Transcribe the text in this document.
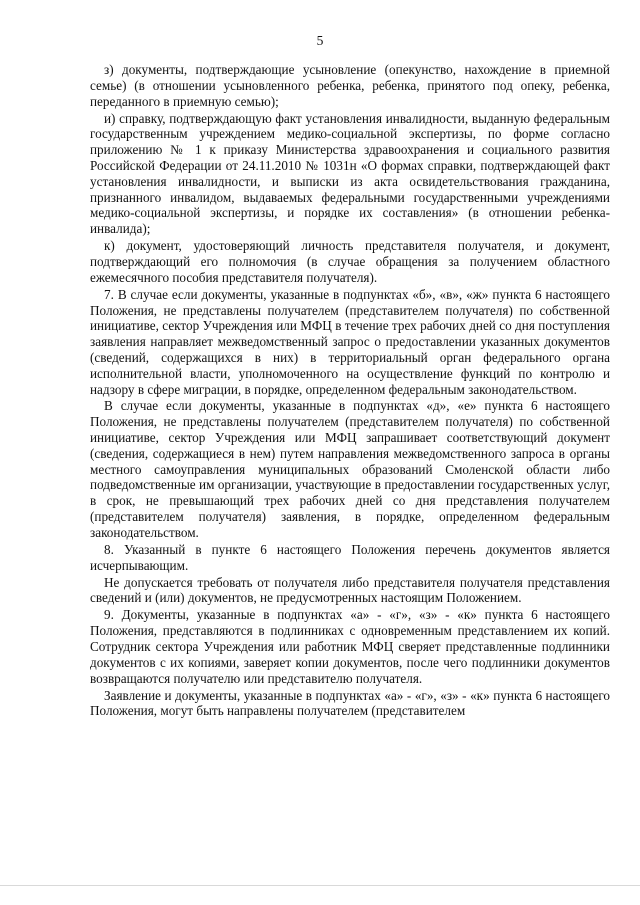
5

з) документы, подтверждающие усыновление (опекунство, нахождение в приемной семье) (в отношении усыновленного ребенка, ребенка, принятого под опеку, ребенка, переданного в приемную семью);

и) справку, подтверждающую факт установления инвалидности, выданную федеральным государственным учреждением медико-социальной экспертизы, по форме согласно приложению № 1 к приказу Министерства здравоохранения и социального развития Российской Федерации от 24.11.2010 № 1031н «О формах справки, подтверждающей факт установления инвалидности, и выписки из акта освидетельствования гражданина, признанного инвалидом, выдаваемых федеральными государственными учреждениями медико-социальной экспертизы, и порядке их составления» (в отношении ребенка-инвалида);

к) документ, удостоверяющий личность представителя получателя, и документ, подтверждающий его полномочия (в случае обращения за получением областного ежемесячного пособия представителя получателя).

7. В случае если документы, указанные в подпунктах «б», «в», «ж» пункта 6 настоящего Положения, не представлены получателем (представителем получателя) по собственной инициативе, сектор Учреждения или МФЦ в течение трех рабочих дней со дня поступления заявления направляет межведомственный запрос о предоставлении указанных документов (сведений, содержащихся в них) в территориальный орган федерального органа исполнительной власти, уполномоченного на осуществление функций по контролю и надзору в сфере миграции, в порядке, определенном федеральным законодательством.

В случае если документы, указанные в подпунктах «д», «е» пункта 6 настоящего Положения, не представлены получателем (представителем получателя) по собственной инициативе, сектор Учреждения или МФЦ запрашивает соответствующий документ (сведения, содержащиеся в нем) путем направления межведомственного запроса в органы местного самоуправления муниципальных образований Смоленской области либо подведомственные им организации, участвующие в предоставлении государственных услуг, в срок, не превышающий трех рабочих дней со дня представления получателем (представителем получателя) заявления, в порядке, определенном федеральным законодательством.

8. Указанный в пункте 6 настоящего Положения перечень документов является исчерпывающим.

Не допускается требовать от получателя либо представителя получателя представления сведений и (или) документов, не предусмотренных настоящим Положением.

9. Документы, указанные в подпунктах «а» - «г», «з» - «к» пункта 6 настоящего Положения, представляются в подлинниках с одновременным представлением их копий. Сотрудник сектора Учреждения или работник МФЦ сверяет представленные подлинники документов с их копиями, заверяет копии документов, после чего подлинники документов возвращаются получателю или представителю получателя.

Заявление и документы, указанные в подпунктах «а» - «г», «з» - «к» пункта 6 настоящего Положения, могут быть направлены получателем (представителем
